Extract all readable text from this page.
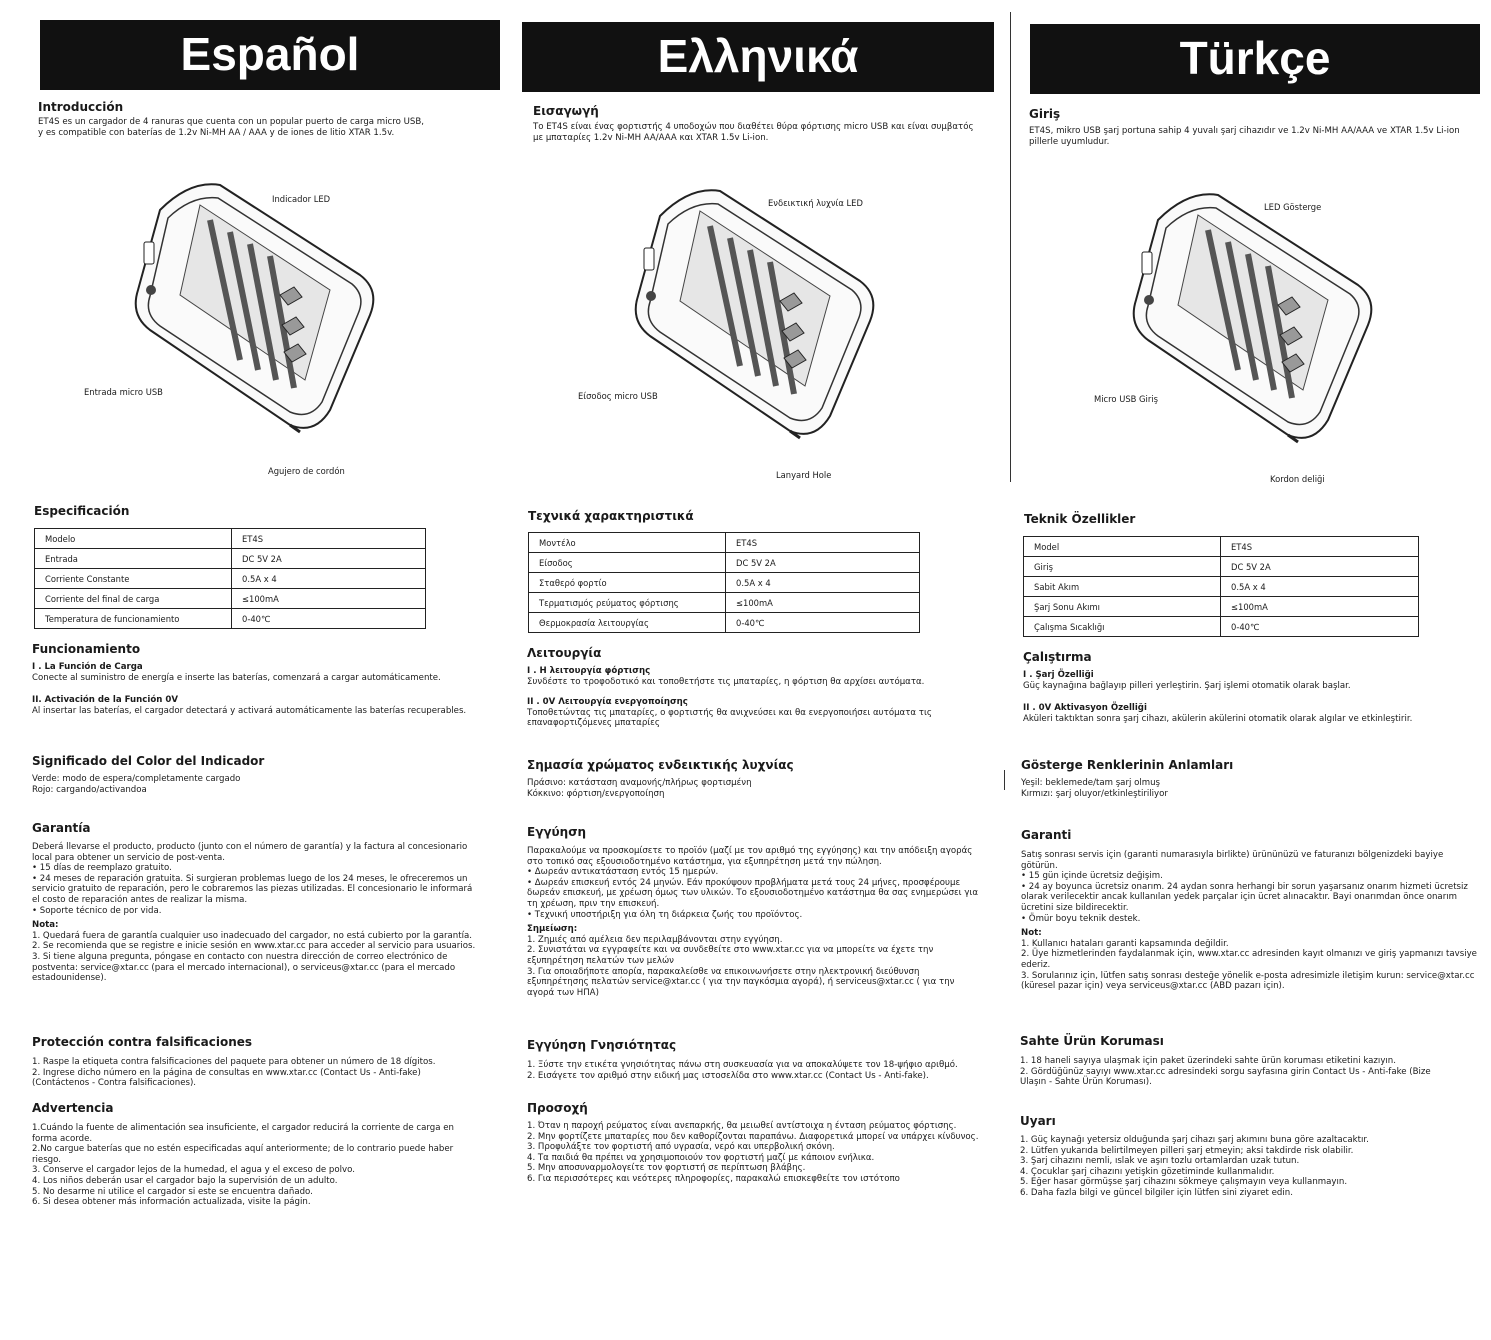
Español
Introducción
ET4S es un cargador de 4 ranuras que cuenta con un popular puerto de carga micro USB,
y es compatible con baterías de 1.2v Ni-MH AA / AAA y de iones de litio XTAR 1.5v.
Indicador LED
Entrada micro USB
Agujero de cordón
Especificación
Modelo	ET4S
Entrada	DC 5V 2A
Corriente Constante	0.5A x 4
Corriente del final de carga	≤100mA
Temperatura de funcionamiento	0-40℃
Funcionamiento
I . La Función de Carga
Conecte al suministro de energía e inserte las baterías, comenzará a cargar automáticamente.
II. Activación de la Función 0V
Al insertar las baterías, el cargador detectará y activará automáticamente las baterías recuperables.
Significado del Color del Indicador
Verde: modo de espera/completamente cargado
Rojo: cargando/activandoa
Garantía
Deberá llevarse el producto, producto (junto con el número de garantía) y la factura al concesionario local para obtener un servicio de post-venta.
• 15 días de reemplazo gratuito.
• 24 meses de reparación gratuita. Si surgieran problemas luego de los 24 meses, le ofreceremos un servicio gratuito de reparación, pero le cobraremos las piezas utilizadas. El concesionario le informará el costo de reparación antes de realizar la misma.
• Soporte técnico de por vida.
Nota:
1. Quedará fuera de garantía cualquier uso inadecuado del cargador, no está cubierto por la garantía.
2. Se recomienda que se registre e inicie sesión en www.xtar.cc para acceder al servicio para usuarios.
3. Si tiene alguna pregunta, póngase en contacto con nuestra dirección de correo electrónico de postventa: service@xtar.cc (para el mercado internacional), o serviceus@xtar.cc (para el mercado estadounidense).
Protección contra falsificaciones
1. Raspe la etiqueta contra falsificaciones del paquete para obtener un número de 18 dígitos.
2. Ingrese dicho número en la página de consultas en www.xtar.cc (Contact Us - Anti-fake) (Contáctenos - Contra falsificaciones).
Advertencia
1.Cuándo la fuente de alimentación sea insuficiente, el cargador reducirá la corriente de carga en forma acorde.
2.No cargue baterías que no estén especificadas aquí anteriormente; de lo contrario puede haber riesgo.
3. Conserve el cargador lejos de la humedad, el agua y el exceso de polvo.
4. Los niños deberán usar el cargador bajo la supervisión de un adulto.
5. No desarme ni utilice el cargador si este se encuentra dañado.
6. Si desea obtener más información actualizada, visite la págin.
Ελληνικά
Εισαγωγή
Το ET4S είναι ένας φορτιστής 4 υποδοχών που διαθέτει θύρα φόρτισης micro USB και είναι συμβατός
με μπαταρίες 1.2v Ni-MH AA/AAA και XTAR 1.5v Li-ion.
Ενδεικτική λυχνία LED
Είσοδος micro USB
Lanyard Hole
Τεχνικά χαρακτηριστικά
Μοντέλο	ET4S
Είσοδος	DC 5V 2A
Σταθερό φορτίο	0.5A x 4
Τερματισμός ρεύματος φόρτισης	≤100mA
Θερμοκρασία λειτουργίας	0-40℃
Λειτουργία
I . Η λειτουργία φόρτισης
Συνδέστε το τροφοδοτικό και τοποθετήστε τις μπαταρίες, η φόρτιση θα αρχίσει αυτόματα.
II . 0V Λειτουργία ενεργοποίησης
Τοποθετώντας τις μπαταρίες, ο φορτιστής θα ανιχνεύσει και θα ενεργοποιήσει αυτόματα τις επαναφορτιζόμενες μπαταρίες
Σημασία χρώματος ενδεικτικής λυχνίας
Πράσινο: κατάσταση αναμονής/πλήρως φορτισμένη
Κόκκινο: φόρτιση/ενεργοποίηση
Εγγύηση
Παρακαλούμε να προσκομίσετε το προϊόν (μαζί με τον αριθμό της εγγύησης) και την απόδειξη αγοράς στο τοπικό σας εξουσιοδοτημένο κατάστημα, για εξυπηρέτηση μετά την πώληση.
• Δωρεάν αντικατάσταση εντός 15 ημερών.
• Δωρεάν επισκευή εντός 24 μηνών. Εάν προκύψουν προβλήματα μετά τους 24 μήνες, προσφέρουμε δωρεάν επισκευή, με χρέωση όμως των υλικών. Το εξουσιοδοτημένο κατάστημα θα σας ενημερώσει για τη χρέωση, πριν την επισκευή.
• Τεχνική υποστήριξη για όλη τη διάρκεια ζωής του προϊόντος.
Σημείωση:
1. Ζημιές από αμέλεια δεν περιλαμβάνονται στην εγγύηση.
2. Συνιστάται να εγγραφείτε και να συνδεθείτε στο www.xtar.cc για να μπορείτε να έχετε την εξυπηρέτηση πελατών των μελών
3. Για οποιαδήποτε απορία, παρακαλείσθε να επικοινωνήσετε στην ηλεκτρονική διεύθυνση εξυπηρέτησης πελατών service@xtar.cc ( για την παγκόσμια αγορά), ή serviceus@xtar.cc ( για την αγορά των ΗΠΑ)
Εγγύηση Γνησιότητας
1. Ξύστε την ετικέτα γνησιότητας πάνω στη συσκευασία για να αποκαλύψετε τον 18-ψήφιο αριθμό.
2. Εισάγετε τον αριθμό στην ειδική μας ιστοσελίδα στο www.xtar.cc (Contact Us - Anti-fake).
Προσοχή
1. Όταν η παροχή ρεύματος είναι ανεπαρκής, θα μειωθεί αντίστοιχα η ένταση ρεύματος φόρτισης.
2. Μην φορτίζετε μπαταρίες που δεν καθορίζονται παραπάνω. Διαφορετικά μπορεί να υπάρχει κίνδυνος.
3. Προφυλάξτε τον φορτιστή από υγρασία, νερό και υπερβολική σκόνη.
4. Τα παιδιά θα πρέπει να χρησιμοποιούν τον φορτιστή μαζί με κάποιον ενήλικα.
5. Μην αποσυναρμολογείτε τον φορτιστή σε περίπτωση βλάβης.
6. Για περισσότερες και νεότερες πληροφορίες, παρακαλώ επισκεφθείτε τον ιστότοπο
Türkçe
Giriş
ET4S, mikro USB şarj portuna sahip 4 yuvalı şarj cihazıdır ve 1.2v Ni-MH AA/AAA ve XTAR 1.5v Li-ion
pillerle uyumludur.
LED Gösterge
Micro USB Giriş
Kordon deliği
Teknik Özellikler
Model	ET4S
Giriş	DC 5V 2A
Sabit Akım	0.5A x 4
Şarj Sonu Akımı	≤100mA
Çalışma Sıcaklığı	0-40℃
Çalıştırma
I . Şarj Özelliği
Güç kaynağına bağlayıp pilleri yerleştirin. Şarj işlemi otomatik olarak başlar.
II . 0V Aktivasyon Özelliği
Aküleri taktıktan sonra şarj cihazı, akülerin akülerini otomatik olarak algılar ve etkinleştirir.
Gösterge Renklerinin Anlamları
Yeşil: beklemede/tam şarj olmuş
Kırmızı: şarj oluyor/etkinleştiriliyor
Garanti
Satış sonrası servis için (garanti numarasıyla birlikte) ürününüzü ve faturanızı bölgenizdeki bayiye götürün.
• 15 gün içinde ücretsiz değişim.
• 24 ay boyunca ücretsiz onarım. 24 aydan sonra herhangi bir sorun yaşarsanız onarım hizmeti ücretsiz olarak verilecektir ancak kullanılan yedek parçalar için ücret alınacaktır. Bayi onarımdan önce onarım ücretini size bildirecektir.
• Ömür boyu teknik destek.
Not:
1. Kullanıcı hataları garanti kapsamında değildir.
2. Üye hizmetlerinden faydalanmak için, www.xtar.cc adresinden kayıt olmanızı ve giriş yapmanızı tavsiye ederiz.
3. Sorularınız için, lütfen satış sonrası desteğe yönelik e-posta adresimizle iletişim kurun: service@xtar.cc (küresel pazar için) veya serviceus@xtar.cc (ABD pazarı için).
Sahte Ürün Koruması
1. 18 haneli sayıya ulaşmak için paket üzerindeki sahte ürün koruması etiketini kazıyın.
2. Gördüğünüz sayıyı www.xtar.cc adresindeki sorgu sayfasına girin Contact Us - Anti-fake (Bize Ulaşın - Sahte Ürün Koruması).
Uyarı
1. Güç kaynağı yetersiz olduğunda şarj cihazı şarj akımını buna göre azaltacaktır.
2. Lütfen yukarıda belirtilmeyen pilleri şarj etmeyin; aksi takdirde risk olabilir.
3. Şarj cihazını nemli, ıslak ve aşırı tozlu ortamlardan uzak tutun.
4. Çocuklar şarj cihazını yetişkin gözetiminde kullanmalıdır.
5. Eğer hasar görmüşse şarj cihazını sökmeye çalışmayın veya kullanmayın.
6. Daha fazla bilgi ve güncel bilgiler için lütfen sini ziyaret edin.
